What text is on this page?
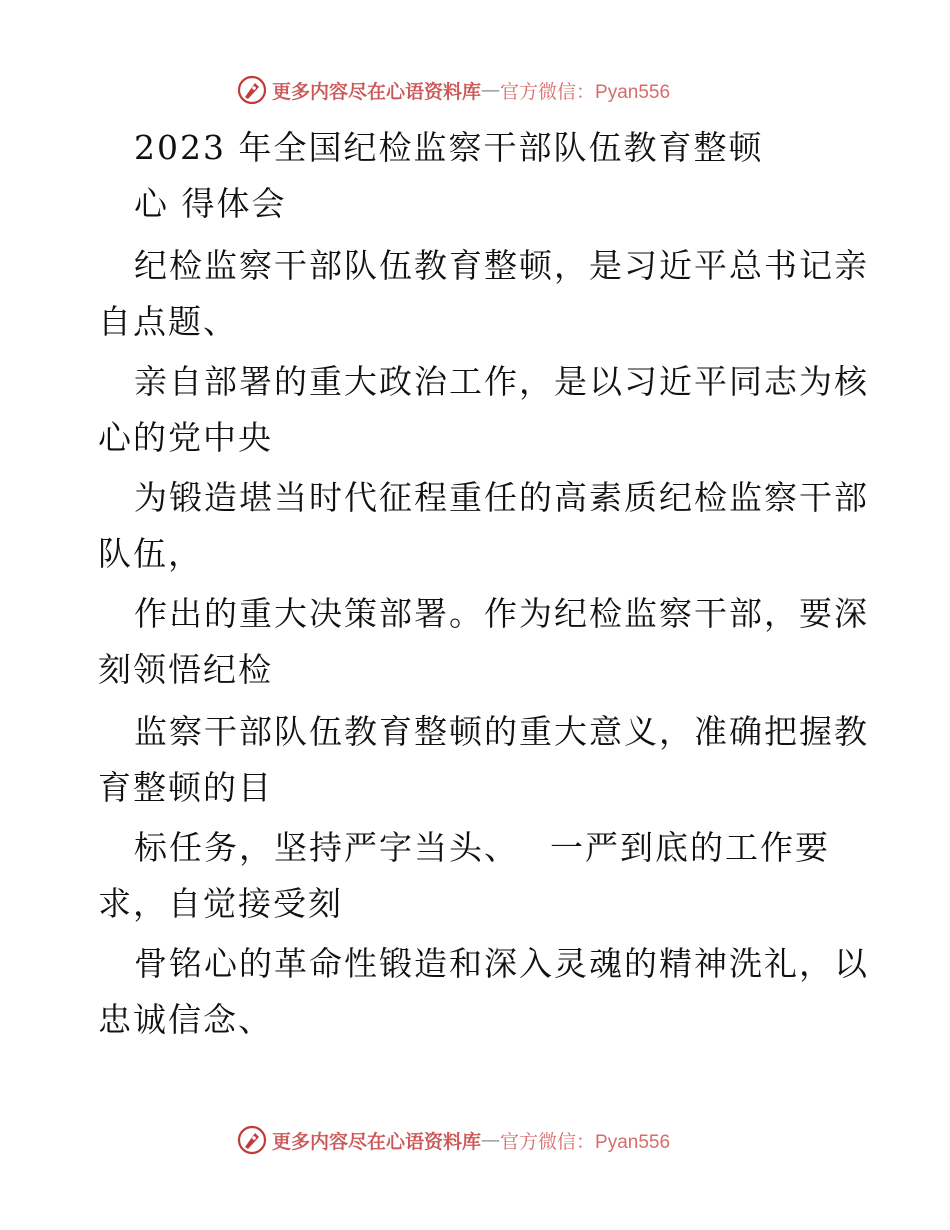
更多内容尽在心语资料库 — 官方微信：Pyan556
2023 年全国纪检监察干部队伍教育整顿
心 得体会
纪检监察干部队伍教育整顿，是习近平总书记亲
自点题、
亲自部署的重大政治工作，是以习近平同志为核
心的党中央
为锻造堪当时代征程重任的高素质纪检监察干部
队伍，
作出的重大决策部署。作为纪检监察干部，要深
刻领悟纪检
监察干部队伍教育整顿的重大意义，准确把握教
育整顿的目
标任务，坚持严字当头、　 一严到底的工作要
求，自觉接受刻
骨铭心的革命性锻造和深入灵魂的精神洗礼，以
忠诚信念、
更多内容尽在心语资料库 — 官方微信：Pyan556
